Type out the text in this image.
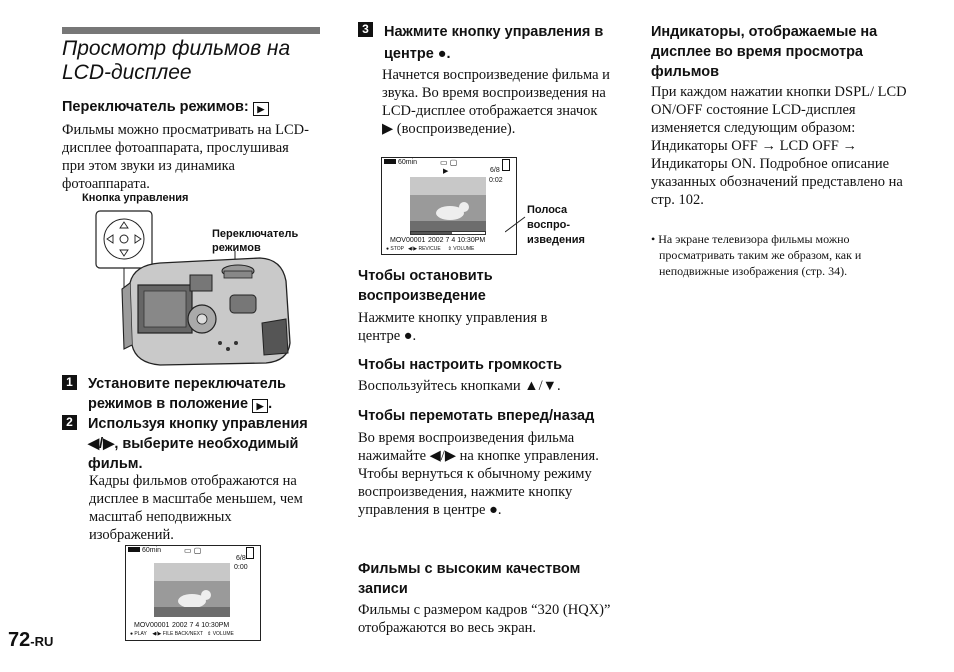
Просмотр фильмов на LCD-дисплее
Переключатель режимов: ▶
Фильмы можно просматривать на LCD-дисплее фотоаппарата, прослушивая при этом звуки из динамика фотоаппарата.
Кнопка управления
Переключатель режимов
1 Установите переключатель режимов в положение ▶ .
2 Используя кнопку управления ◀/▶, выберите необходимый фильм.
Кадры фильмов отображаются на дисплее в масштабе меньшем, чем масштаб неподвижных изображений.
60min	▭ ▢
6/8
0:00
MOV00001 2002 7 4 10:30PM
● PLAY    ◀/▶ FILE BACK/NEXT   ⇕ VOLUME
3 Нажмите кнопку управления в центре ●.
Начнется воспроизведение фильма и звука. Во время воспроизведения на LCD-дисплее отображается значок ▶ (воспроизведение).
60min	▭ ▢
▶	6/8
0:02
MOV00001 2002 7 4 10:30PM
● STOP   ◀/▶ REV/CUE     ⇕ VOLUME
Полоса воспро- изведения
Чтобы остановить воспроизведение
Нажмите кнопку управления в центре ●.
Чтобы настроить громкость
Воспользуйтесь кнопками ▲/▼.
Чтобы перемотать вперед/назад
Во время воспроизведения фильма нажимайте ◀/▶ на кнопке управления. Чтобы вернуться к обычному режиму воспроизведения, нажмите кнопку управления в центре ●.
Фильмы с высоким качеством записи
Фильмы с размером кадров “320 (HQX)” отображаются во весь экран.
Индикаторы, отображаемые на дисплее во время просмотра фильмов
При каждом нажатии кнопки DSPL/ LCD ON/OFF состояние LCD-дисплея изменяется следующим образом: Индикаторы OFF → LCD OFF → Индикаторы ON. Подробное описание указанных обозначений представлено на стр. 102.
• На экране телевизора фильмы можно просматривать таким же образом, как и неподвижные изображения (стр. 34).
72-RU
